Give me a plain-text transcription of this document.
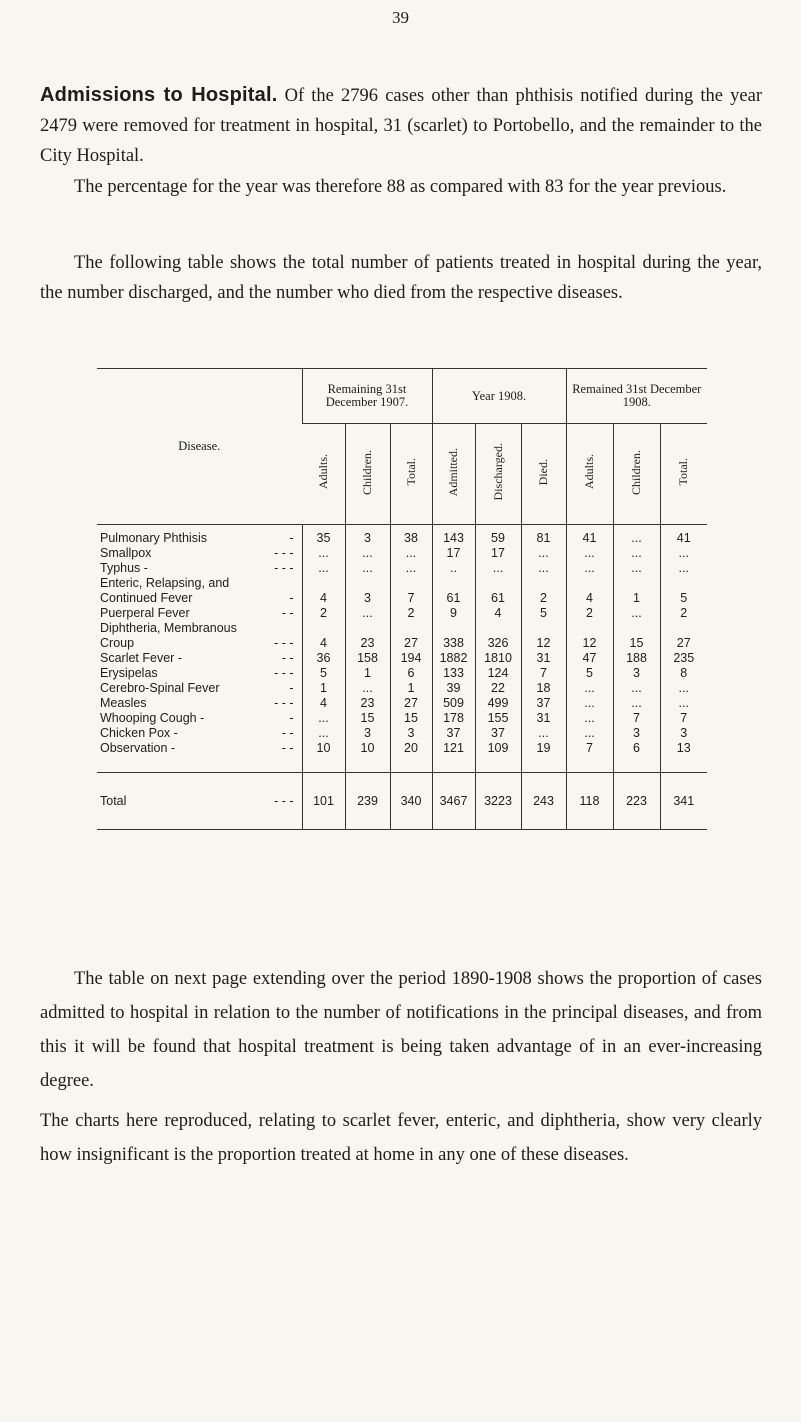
39
Admissions to Hospital. Of the 2796 cases other than phthisis notified during the year 2479 were removed for treatment in hospital, 31 (scarlet) to Portobello, and the remainder to the City Hospital.
The percentage for the year was therefore 88 as compared with 83 for the year previous.
The following table shows the total number of patients treated in hospital during the year, the number discharged, and the number who died from the respective diseases.
Disease.	Remaining 31st December 1907.			Year 1908.			Remained 31st December 1908.		
	Adults.	Children.	Total.	Admitted.	Discharged.	Died.	Adults.	Children.	Total.

-
Pulmonary Phthisis	35	3	38	143	59	81	41	...	41

- - -
Smallpox	...	...	...	17	17	...	...	...	...

- - -
Typhus -	...	...	...	..	...	...	...	...	...

Enteric, Relapsing, and
-
Continued Fever	4	3	7	61	61	2	4	1	5

- -
Puerperal Fever	2	...	2	9	4	5	2	...	2

Diphtheria, Membranous
- - -
Croup	4	23	27	338	326	12	12	15	27

- -
Scarlet Fever -	36	158	194	1882	1810	31	47	188	235

- - -
Erysipelas	5	1	6	133	124	7	5	3	8

-
Cerebro-Spinal Fever	1	...	1	39	22	18	...	...	...

- - -
Measles	4	23	27	509	499	37	...	...	...

-
Whooping Cough -	...	15	15	178	155	31	...	7	7

- -
Chicken Pox -	...	3	3	37	37	...	...	3	3

- -
Observation -	10	10	20	121	109	19	7	6	13

- - -
Total	101	239	340	3467	3223	243	118	223	341
The table on next page extending over the period 1890-1908 shows the proportion of cases admitted to hospital in relation to the number of notifications in the principal diseases, and from this it will be found that hospital treatment is being taken advantage of in an ever-increasing degree.
The charts here reproduced, relating to scarlet fever, enteric, and diphtheria, show very clearly how insignificant is the proportion treated at home in any one of these diseases.
